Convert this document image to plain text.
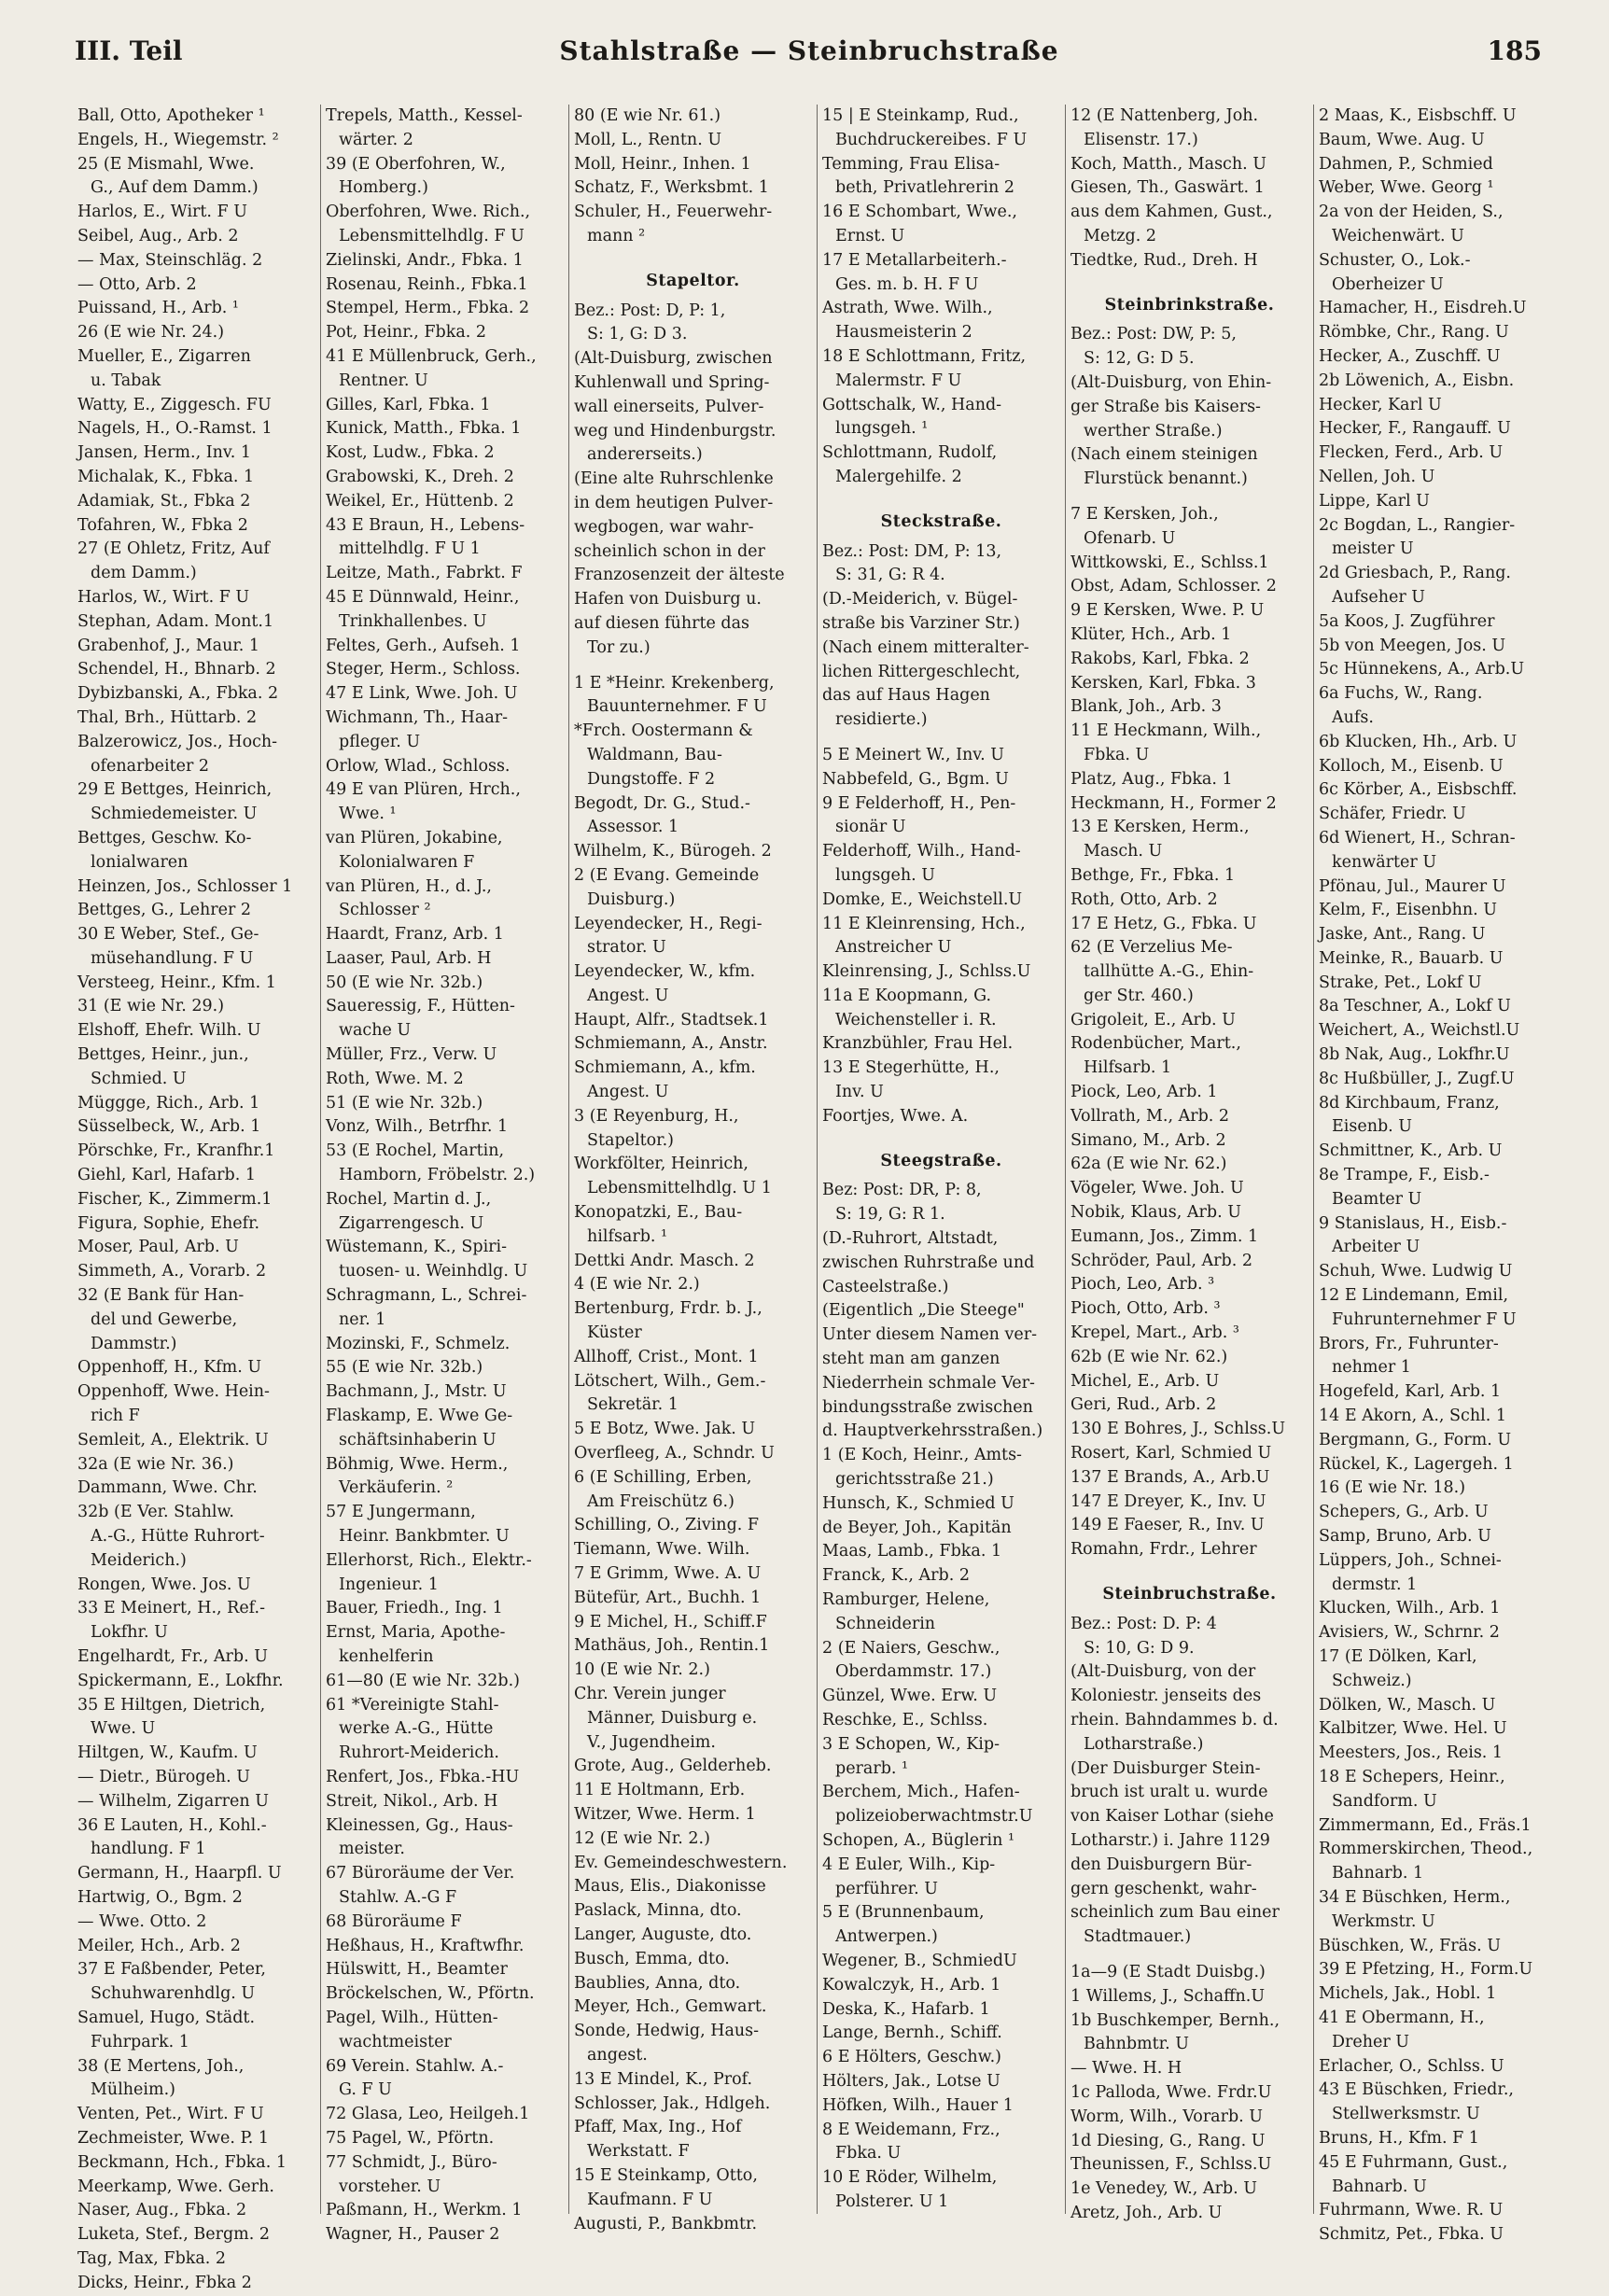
III. Teil	Stahlstraße — Steinbruchstraße	185
Ball, Otto, Apotheker ¹
Engels, H., Wiegemstr. ²
25 (E Mismahl, Wwe.
G., Auf dem Damm.)
Harlos, E., Wirt. F U
Seibel, Aug., Arb. 2
— Max, Steinschläg. 2
— Otto, Arb. 2
Puissand, H., Arb. ¹
26 (E wie Nr. 24.)
Mueller, E., Zigarren
u. Tabak
Watty, E., Ziggesch. FU
Nagels, H., O.-Ramst. 1
Jansen, Herm., Inv. 1
Michalak, K., Fbka. 1
Adamiak, St., Fbka 2
Tofahren, W., Fbka 2
27 (E Ohletz, Fritz, Auf
dem Damm.)
Harlos, W., Wirt. F U
Stephan, Adam. Mont.1
Grabenhof, J., Maur. 1
Schendel, H., Bhnarb. 2
Dybizbanski, A., Fbka. 2
Thal, Brh., Hüttarb. 2
Balzerowicz, Jos., Hoch-
ofenarbeiter 2
29 E Bettges, Heinrich,
Schmiedemeister. U
Bettges, Geschw. Ko-
lonialwaren
Heinzen, Jos., Schlosser 1
Bettges, G., Lehrer 2
30 E Weber, Stef., Ge-
müsehandlung. F U
Versteeg, Heinr., Kfm. 1
31 (E wie Nr. 29.)
Elshoff, Ehefr. Wilh. U
Bettges, Heinr., jun.,
Schmied. U
Müggge, Rich., Arb. 1
Süsselbeck, W., Arb. 1
Pörschke, Fr., Kranfhr.1
Giehl, Karl, Hafarb. 1
Fischer, K., Zimmerm.1
Figura, Sophie, Ehefr.
Moser, Paul, Arb. U
Simmeth, A., Vorarb. 2
32 (E Bank für Han-
del und Gewerbe,
Dammstr.)
Oppenhoff, H., Kfm. U
Oppenhoff, Wwe. Hein-
rich F
Semleit, A., Elektrik. U
32a (E wie Nr. 36.)
Dammann, Wwe. Chr.
32b (E Ver. Stahlw.
A.-G., Hütte Ruhrort-
Meiderich.)
Rongen, Wwe. Jos. U
33 E Meinert, H., Ref.-
Lokfhr. U
Engelhardt, Fr., Arb. U
Spickermann, E., Lokfhr.
35 E Hiltgen, Dietrich,
Wwe. U
Hiltgen, W., Kaufm. U
— Dietr., Bürogeh. U
— Wilhelm, Zigarren U
36 E Lauten, H., Kohl.-
handlung. F 1
Germann, H., Haarpfl. U
Hartwig, O., Bgm. 2
— Wwe. Otto. 2
Meiler, Hch., Arb. 2
37 E Faßbender, Peter,
Schuhwarenhdlg. U
Samuel, Hugo, Städt.
Fuhrpark. 1
38 (E Mertens, Joh.,
Mülheim.)
Venten, Pet., Wirt. F U
Zechmeister, Wwe. P. 1
Beckmann, Hch., Fbka. 1
Meerkamp, Wwe. Gerh.
Naser, Aug., Fbka. 2
Luketa, Stef., Bergm. 2
Tag, Max, Fbka. 2
Dicks, Heinr., Fbka 2
Trepels, Matth., Kessel-
wärter. 2
39 (E Oberfohren, W.,
Homberg.)
Oberfohren, Wwe. Rich.,
Lebensmittelhdlg. F U
Zielinski, Andr., Fbka. 1
Rosenau, Reinh., Fbka.1
Stempel, Herm., Fbka. 2
Pot, Heinr., Fbka. 2
41 E Müllenbruck, Gerh.,
Rentner. U
Gilles, Karl, Fbka. 1
Kunick, Matth., Fbka. 1
Kost, Ludw., Fbka. 2
Grabowski, K., Dreh. 2
Weikel, Er., Hüttenb. 2
43 E Braun, H., Lebens-
mittelhdlg. F U 1
Leitze, Math., Fabrkt. F
45 E Dünnwald, Heinr.,
Trinkhallenbes. U
Feltes, Gerh., Aufseh. 1
Steger, Herm., Schloss.
47 E Link, Wwe. Joh. U
Wichmann, Th., Haar-
pfleger. U
Orlow, Wlad., Schloss.
49 E van Plüren, Hrch.,
Wwe. ¹
van Plüren, Jokabine,
Kolonialwaren F
van Plüren, H., d. J.,
Schlosser ²
Haardt, Franz, Arb. 1
Laaser, Paul, Arb. H
50 (E wie Nr. 32b.)
Saueressig, F., Hütten-
wache U
Müller, Frz., Verw. U
Roth, Wwe. M. 2
51 (E wie Nr. 32b.)
Vonz, Wilh., Betrfhr. 1
53 (E Rochel, Martin,
Hamborn, Fröbelstr. 2.)
Rochel, Martin d. J.,
Zigarrengesch. U
Wüstemann, K., Spiri-
tuosen- u. Weinhdlg. U
Schragmann, L., Schrei-
ner. 1
Mozinski, F., Schmelz.
55 (E wie Nr. 32b.)
Bachmann, J., Mstr. U
Flaskamp, E. Wwe Ge-
schäftsinhaberin U
Böhmig, Wwe. Herm.,
Verkäuferin. ²
57 E Jungermann,
Heinr. Bankbmter. U
Ellerhorst, Rich., Elektr.-
Ingenieur. 1
Bauer, Friedh., Ing. 1
Ernst, Maria, Apothe-
kenhelferin
61—80 (E wie Nr. 32b.)
61 *Vereinigte Stahl-
werke A.-G., Hütte
Ruhrort-Meiderich.
Renfert, Jos., Fbka.-HU
Streit, Nikol., Arb. H
Kleinessen, Gg., Haus-
meister.
67 Büroräume der Ver.
Stahlw. A.-G F
68 Büroräume F
Heßhaus, H., Kraftwfhr.
Hülswitt, H., Beamter
Bröckelschen, W., Pförtn.
Pagel, Wilh., Hütten-
wachtmeister
69 Verein. Stahlw. A.-
G. F U
72 Glasa, Leo, Heilgeh.1
75 Pagel, W., Pförtn.
77 Schmidt, J., Büro-
vorsteher. U
Paßmann, H., Werkm. 1
Wagner, H., Pauser 2
80 (E wie Nr. 61.)
Moll, L., Rentn. U
Moll, Heinr., Inhen. 1
Schatz, F., Werksbmt. 1
Schuler, H., Feuerwehr-
mann ²
Stapeltor.
Bez.: Post: D, P: 1,
S: 1, G: D 3.
(Alt-Duisburg, zwischen
Kuhlenwall und Spring-
wall einerseits, Pulver-
weg und Hindenburgstr.
andererseits.)
(Eine alte Ruhrschlenke
in dem heutigen Pulver-
wegbogen, war wahr-
scheinlich schon in der
Franzosenzeit der älteste
Hafen von Duisburg u.
auf diesen führte das
Tor zu.)
1 E *Heinr. Krekenberg,
Bauunternehmer. F U
*Frch. Oostermann &
Waldmann, Bau-
Dungstoffe. F 2
Begodt, Dr. G., Stud.-
Assessor. 1
Wilhelm, K., Bürogeh. 2
2 (E Evang. Gemeinde
Duisburg.)
Leyendecker, H., Regi-
strator. U
Leyendecker, W., kfm.
Angest. U
Haupt, Alfr., Stadtsek.1
Schmiemann, A., Anstr.
Schmiemann, A., kfm.
Angest. U
3 (E Reyenburg, H.,
Stapeltor.)
Workfölter, Heinrich,
Lebensmittelhdlg. U 1
Konopatzki, E., Bau-
hilfsarb. ¹
Dettki Andr. Masch. 2
4 (E wie Nr. 2.)
Bertenburg, Frdr. b. J.,
Küster
Allhoff, Crist., Mont. 1
Lötschert, Wilh., Gem.-
Sekretär. 1
5 E Botz, Wwe. Jak. U
Overfleeg, A., Schndr. U
6 (E Schilling, Erben,
Am Freischütz 6.)
Schilling, O., Ziving. F
Tiemann, Wwe. Wilh.
7 E Grimm, Wwe. A. U
Bütefür, Art., Buchh. 1
9 E Michel, H., Schiff.F
Mathäus, Joh., Rentin.1
10 (E wie Nr. 2.)
Chr. Verein junger
Männer, Duisburg e.
V., Jugendheim.
Grote, Aug., Gelderheb.
11 E Holtmann, Erb.
Witzer, Wwe. Herm. 1
12 (E wie Nr. 2.)
Ev. Gemeindeschwestern.
Maus, Elis., Diakonisse
Paslack, Minna, dto.
Langer, Auguste, dto.
Busch, Emma, dto.
Baublies, Anna, dto.
Meyer, Hch., Gemwart.
Sonde, Hedwig, Haus-
angest.
13 E Mindel, K., Prof.
Schlosser, Jak., Hdlgeh.
Pfaff, Max, Ing., Hof
Werkstatt. F
15 E Steinkamp, Otto,
Kaufmann. F U
Augusti, P., Bankbmtr.
15 | E Steinkamp, Rud.,
Buchdruckereibes. F U
Temming, Frau Elisa-
beth, Privatlehrerin 2
16 E Schombart, Wwe.,
Ernst. U
17 E Metallarbeiterh.-
Ges. m. b. H. F U
Astrath, Wwe. Wilh.,
Hausmeisterin 2
18 E Schlottmann, Fritz,
Malermstr. F U
Gottschalk, W., Hand-
lungsgeh. ¹
Schlottmann, Rudolf,
Malergehilfe. 2
Steckstraße.
Bez.: Post: DM, P: 13,
S: 31, G: R 4.
(D.-Meiderich, v. Bügel-
straße bis Varziner Str.)
(Nach einem mitteralter-
lichen Rittergeschlecht,
das auf Haus Hagen
residierte.)
5 E Meinert W., Inv. U
Nabbefeld, G., Bgm. U
9 E Felderhoff, H., Pen-
sionär U
Felderhoff, Wilh., Hand-
lungsgeh. U
Domke, E., Weichstell.U
11 E Kleinrensing, Hch.,
Anstreicher U
Kleinrensing, J., Schlss.U
11a E Koopmann, G.
Weichensteller i. R.
Kranzbühler, Frau Hel.
13 E Stegerhütte, H.,
Inv. U
Foortjes, Wwe. A.
Steegstraße.
Bez: Post: DR, P: 8,
S: 19, G: R 1.
(D.-Ruhrort, Altstadt,
zwischen Ruhrstraße und
Casteelstraße.)
(Eigentlich „Die Steege"
Unter diesem Namen ver-
steht man am ganzen
Niederrhein schmale Ver-
bindungsstraße zwischen
d. Hauptverkehrsstraßen.)
1 (E Koch, Heinr., Amts-
gerichtsstraße 21.)
Hunsch, K., Schmied U
de Beyer, Joh., Kapitän
Maas, Lamb., Fbka. 1
Franck, K., Arb. 2
Ramburger, Helene,
Schneiderin
2 (E Naiers, Geschw.,
Oberdammstr. 17.)
Günzel, Wwe. Erw. U
Reschke, E., Schlss.
3 E Schopen, W., Kip-
perarb. ¹
Berchem, Mich., Hafen-
polizeioberwachtmstr.U
Schopen, A., Büglerin ¹
4 E Euler, Wilh., Kip-
perführer. U
5 E (Brunnenbaum,
Antwerpen.)
Wegener, B., SchmiedU
Kowalczyk, H., Arb. 1
Deska, K., Hafarb. 1
Lange, Bernh., Schiff.
6 E Hölters, Geschw.)
Hölters, Jak., Lotse U
Höfken, Wilh., Hauer 1
8 E Weidemann, Frz.,
Fbka. U
10 E Röder, Wilhelm,
Polsterer. U 1
12 (E Nattenberg, Joh.
Elisenstr. 17.)
Koch, Matth., Masch. U
Giesen, Th., Gaswärt. 1
aus dem Kahmen, Gust.,
Metzg. 2
Tiedtke, Rud., Dreh. H
Steinbrinkstraße.
Bez.: Post: DW, P: 5,
S: 12, G: D 5.
(Alt-Duisburg, von Ehin-
ger Straße bis Kaisers-
werther Straße.)
(Nach einem steinigen
Flurstück benannt.)
7 E Kersken, Joh.,
Ofenarb. U
Wittkowski, E., Schlss.1
Obst, Adam, Schlosser. 2
9 E Kersken, Wwe. P. U
Klüter, Hch., Arb. 1
Rakobs, Karl, Fbka. 2
Kersken, Karl, Fbka. 3
Blank, Joh., Arb. 3
11 E Heckmann, Wilh.,
Fbka. U
Platz, Aug., Fbka. 1
Heckmann, H., Former 2
13 E Kersken, Herm.,
Masch. U
Bethge, Fr., Fbka. 1
Roth, Otto, Arb. 2
17 E Hetz, G., Fbka. U
62 (E Verzelius Me-
tallhütte A.-G., Ehin-
ger Str. 460.)
Grigoleit, E., Arb. U
Rodenbücher, Mart.,
Hilfsarb. 1
Piock, Leo, Arb. 1
Vollrath, M., Arb. 2
Simano, M., Arb. 2
62a (E wie Nr. 62.)
Vögeler, Wwe. Joh. U
Nobik, Klaus, Arb. U
Eumann, Jos., Zimm. 1
Schröder, Paul, Arb. 2
Pioch, Leo, Arb. ³
Pioch, Otto, Arb. ³
Krepel, Mart., Arb. ³
62b (E wie Nr. 62.)
Michel, E., Arb. U
Geri, Rud., Arb. 2
130 E Bohres, J., Schlss.U
Rosert, Karl, Schmied U
137 E Brands, A., Arb.U
147 E Dreyer, K., Inv. U
149 E Faeser, R., Inv. U
Romahn, Frdr., Lehrer
Steinbruchstraße.
Bez.: Post: D. P: 4
S: 10, G: D 9.
(Alt-Duisburg, von der
Koloniestr. jenseits des
rhein. Bahndammes b. d.
Lotharstraße.)
(Der Duisburger Stein-
bruch ist uralt u. wurde
von Kaiser Lothar (siehe
Lotharstr.) i. Jahre 1129
den Duisburgern Bür-
gern geschenkt, wahr-
scheinlich zum Bau einer
Stadtmauer.)
1a—9 (E Stadt Duisbg.)
1 Willems, J., Schaffn.U
1b Buschkemper, Bernh.,
Bahnbmtr. U
— Wwe. H. H
1c Palloda, Wwe. Frdr.U
Worm, Wilh., Vorarb. U
1d Diesing, G., Rang. U
Theunissen, F., Schlss.U
1e Venedey, W., Arb. U
Aretz, Joh., Arb. U
2 Maas, K., Eisbschff. U
Baum, Wwe. Aug. U
Dahmen, P., Schmied
Weber, Wwe. Georg ¹
2a von der Heiden, S.,
Weichenwärt. U
Schuster, O., Lok.-
Oberheizer U
Hamacher, H., Eisdreh.U
Römbke, Chr., Rang. U
Hecker, A., Zuschff. U
2b Löwenich, A., Eisbn.
Hecker, Karl U
Hecker, F., Rangauff. U
Flecken, Ferd., Arb. U
Nellen, Joh. U
Lippe, Karl U
2c Bogdan, L., Rangier-
meister U
2d Griesbach, P., Rang.
Aufseher U
5a Koos, J. Zugführer
5b von Meegen, Jos. U
5c Hünnekens, A., Arb.U
6a Fuchs, W., Rang.
Aufs.
6b Klucken, Hh., Arb. U
Kolloch, M., Eisenb. U
6c Körber, A., Eisbschff.
Schäfer, Friedr. U
6d Wienert, H., Schran-
kenwärter U
Pfönau, Jul., Maurer U
Kelm, F., Eisenbhn. U
Jaske, Ant., Rang. U
Meinke, R., Bauarb. U
Strake, Pet., Lokf U
8a Teschner, A., Lokf U
Weichert, A., Weichstl.U
8b Nak, Aug., Lokfhr.U
8c Hußbüller, J., Zugf.U
8d Kirchbaum, Franz,
Eisenb. U
Schmittner, K., Arb. U
8e Trampe, F., Eisb.-
Beamter U
9 Stanislaus, H., Eisb.-
Arbeiter U
Schuh, Wwe. Ludwig U
12 E Lindemann, Emil,
Fuhrunternehmer F U
Brors, Fr., Fuhrunter-
nehmer 1
Hogefeld, Karl, Arb. 1
14 E Akorn, A., Schl. 1
Bergmann, G., Form. U
Rückel, K., Lagergeh. 1
16 (E wie Nr. 18.)
Schepers, G., Arb. U
Samp, Bruno, Arb. U
Lüppers, Joh., Schnei-
dermstr. 1
Klucken, Wilh., Arb. 1
Avisiers, W., Schrnr. 2
17 (E Dölken, Karl,
Schweiz.)
Dölken, W., Masch. U
Kalbitzer, Wwe. Hel. U
Meesters, Jos., Reis. 1
18 E Schepers, Heinr.,
Sandform. U
Zimmermann, Ed., Fräs.1
Rommerskirchen, Theod.,
Bahnarb. 1
34 E Büschken, Herm.,
Werkmstr. U
Büschken, W., Fräs. U
39 E Pfetzing, H., Form.U
Michels, Jak., Hobl. 1
41 E Obermann, H.,
Dreher U
Erlacher, O., Schlss. U
43 E Büschken, Friedr.,
Stellwerksmstr. U
Bruns, H., Kfm. F 1
45 E Fuhrmann, Gust.,
Bahnarb. U
Fuhrmann, Wwe. R. U
Schmitz, Pet., Fbka. U
